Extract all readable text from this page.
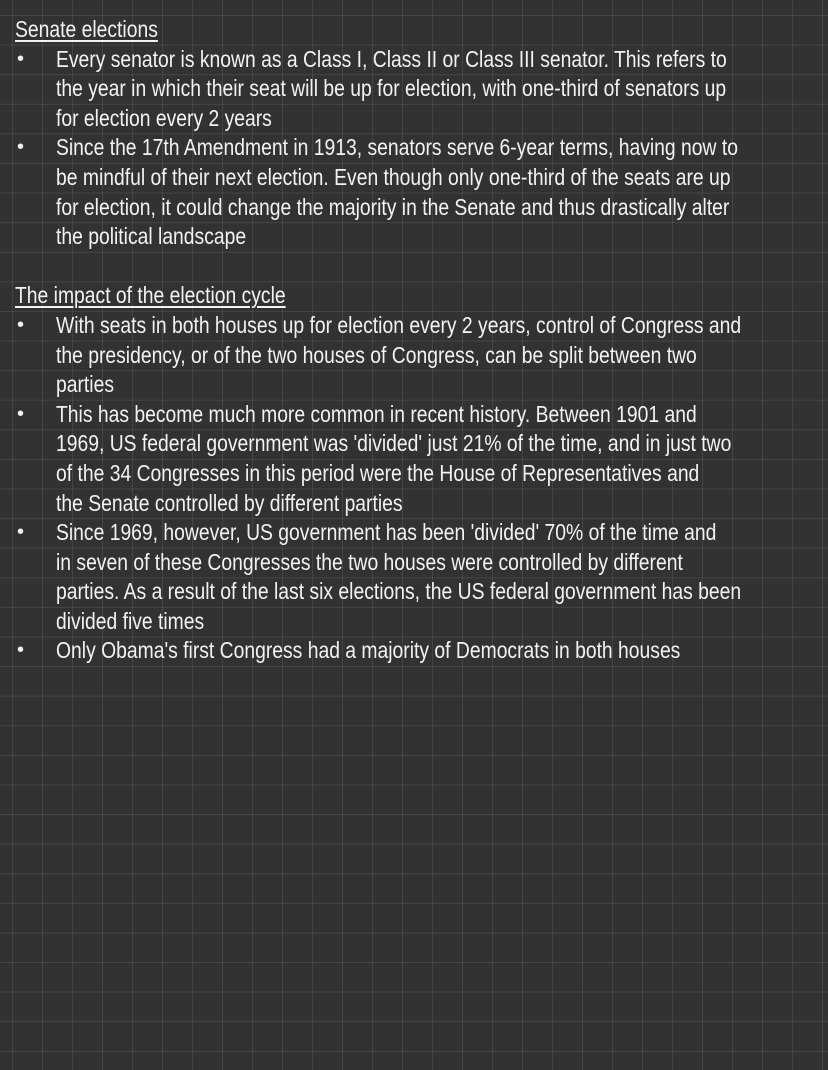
Senate elections
• Every senator is known as a Class I, Class II or Class III senator. This refers to
the year in which their seat will be up for election, with one-third of senators up
for election every 2 years
• Since the 17th Amendment in 1913, senators serve 6-year terms, having now to
be mindful of their next election. Even though only one-third of the seats are up
for election, it could change the majority in the Senate and thus drastically alter
the political landscape
The impact of the election cycle
• With seats in both houses up for election every 2 years, control of Congress and
the presidency, or of the two houses of Congress, can be split between two
parties
• This has become much more common in recent history. Between 1901 and
1969, US federal government was 'divided' just 21% of the time, and in just two
of the 34 Congresses in this period were the House of Representatives and
the Senate controlled by different parties
• Since 1969, however, US government has been 'divided' 70% of the time and
in seven of these Congresses the two houses were controlled by different
parties. As a result of the last six elections, the US federal government has been
divided five times
• Only Obama's first Congress had a majority of Democrats in both houses
